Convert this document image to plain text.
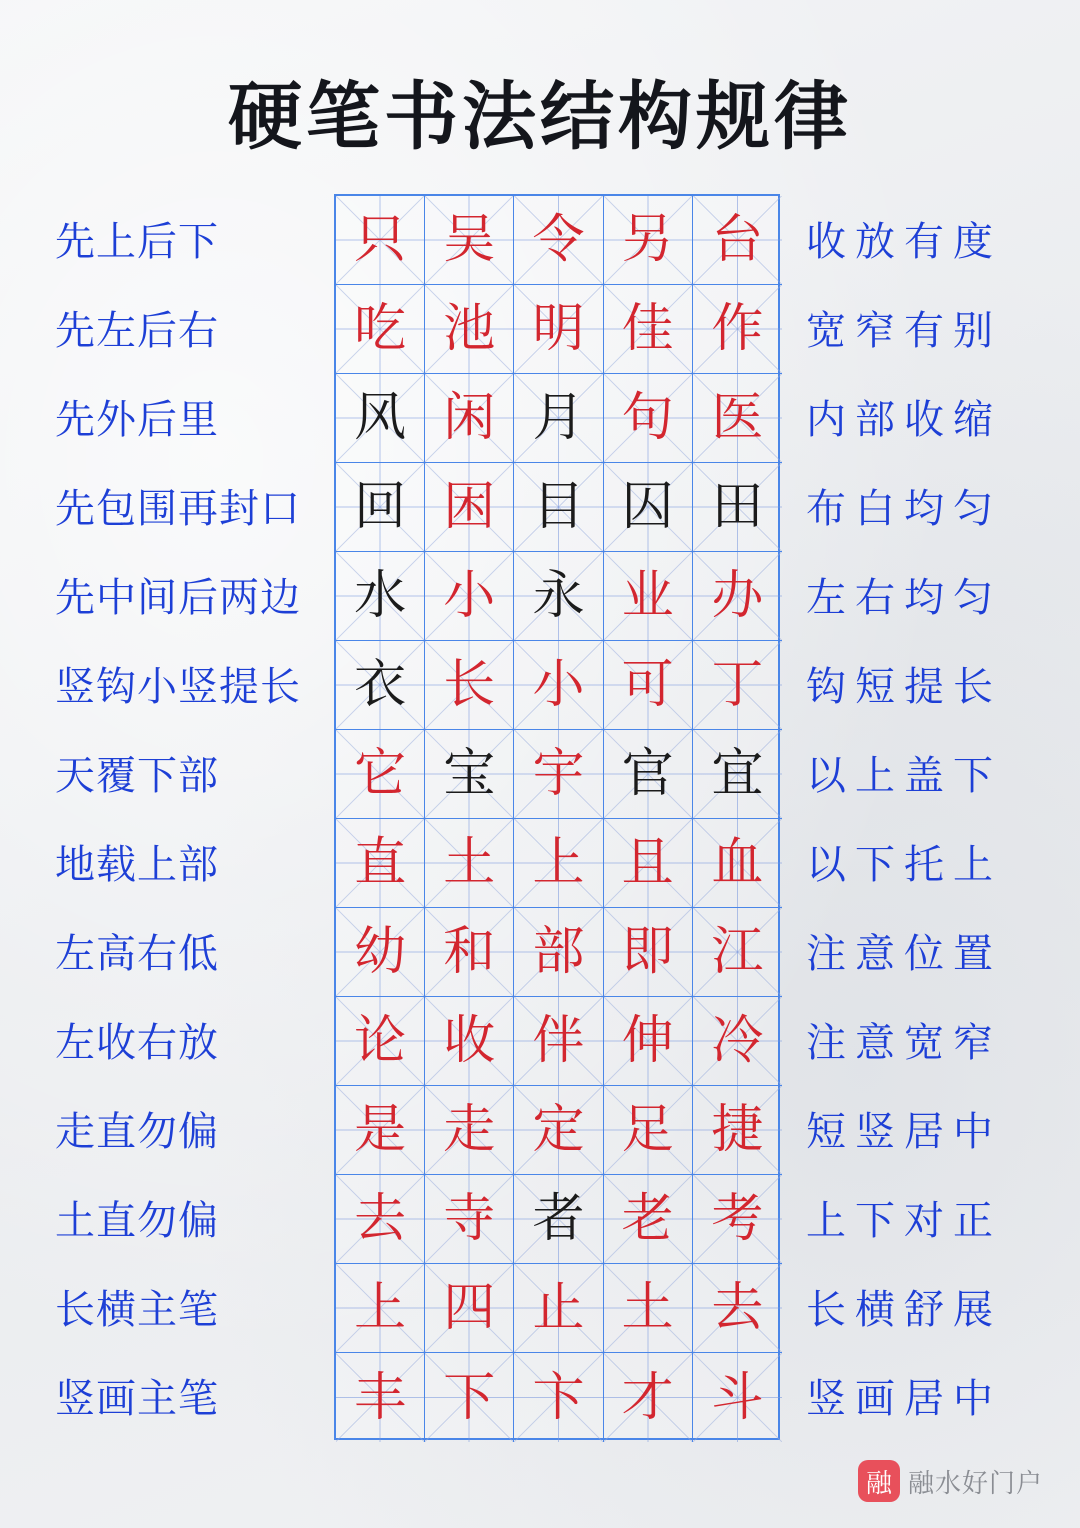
硬笔书法结构规律
先上后下
先左后右
先外后里
先包围再封口
先中间后两边
竖钩小竖提长
天覆下部
地载上部
左高右低
左收右放
走直勿偏
土直勿偏
长横主笔
竖画主笔
只 吴 令 另 台
吃 池 明 佳 作
风 闲 月 句 医
回 困 目 囚 田
水 小 永 业 办
衣 长 小 可 丁
它 宝 宇 官 宜
直 土 上 且 血
幼 和 部 即 江
论 收 伴 伸 冷
是 走 定 足 捷
去 寺 者 老 考
上 四 止 土 去
丰 下 卞 才 斗
收放有度
宽窄有别
内部收缩
布白均匀
左右均匀
钩短提长
以上盖下
以下托上
注意位置
注意宽窄
短竖居中
上下对正
长横舒展
竖画居中
融 融水好门户
